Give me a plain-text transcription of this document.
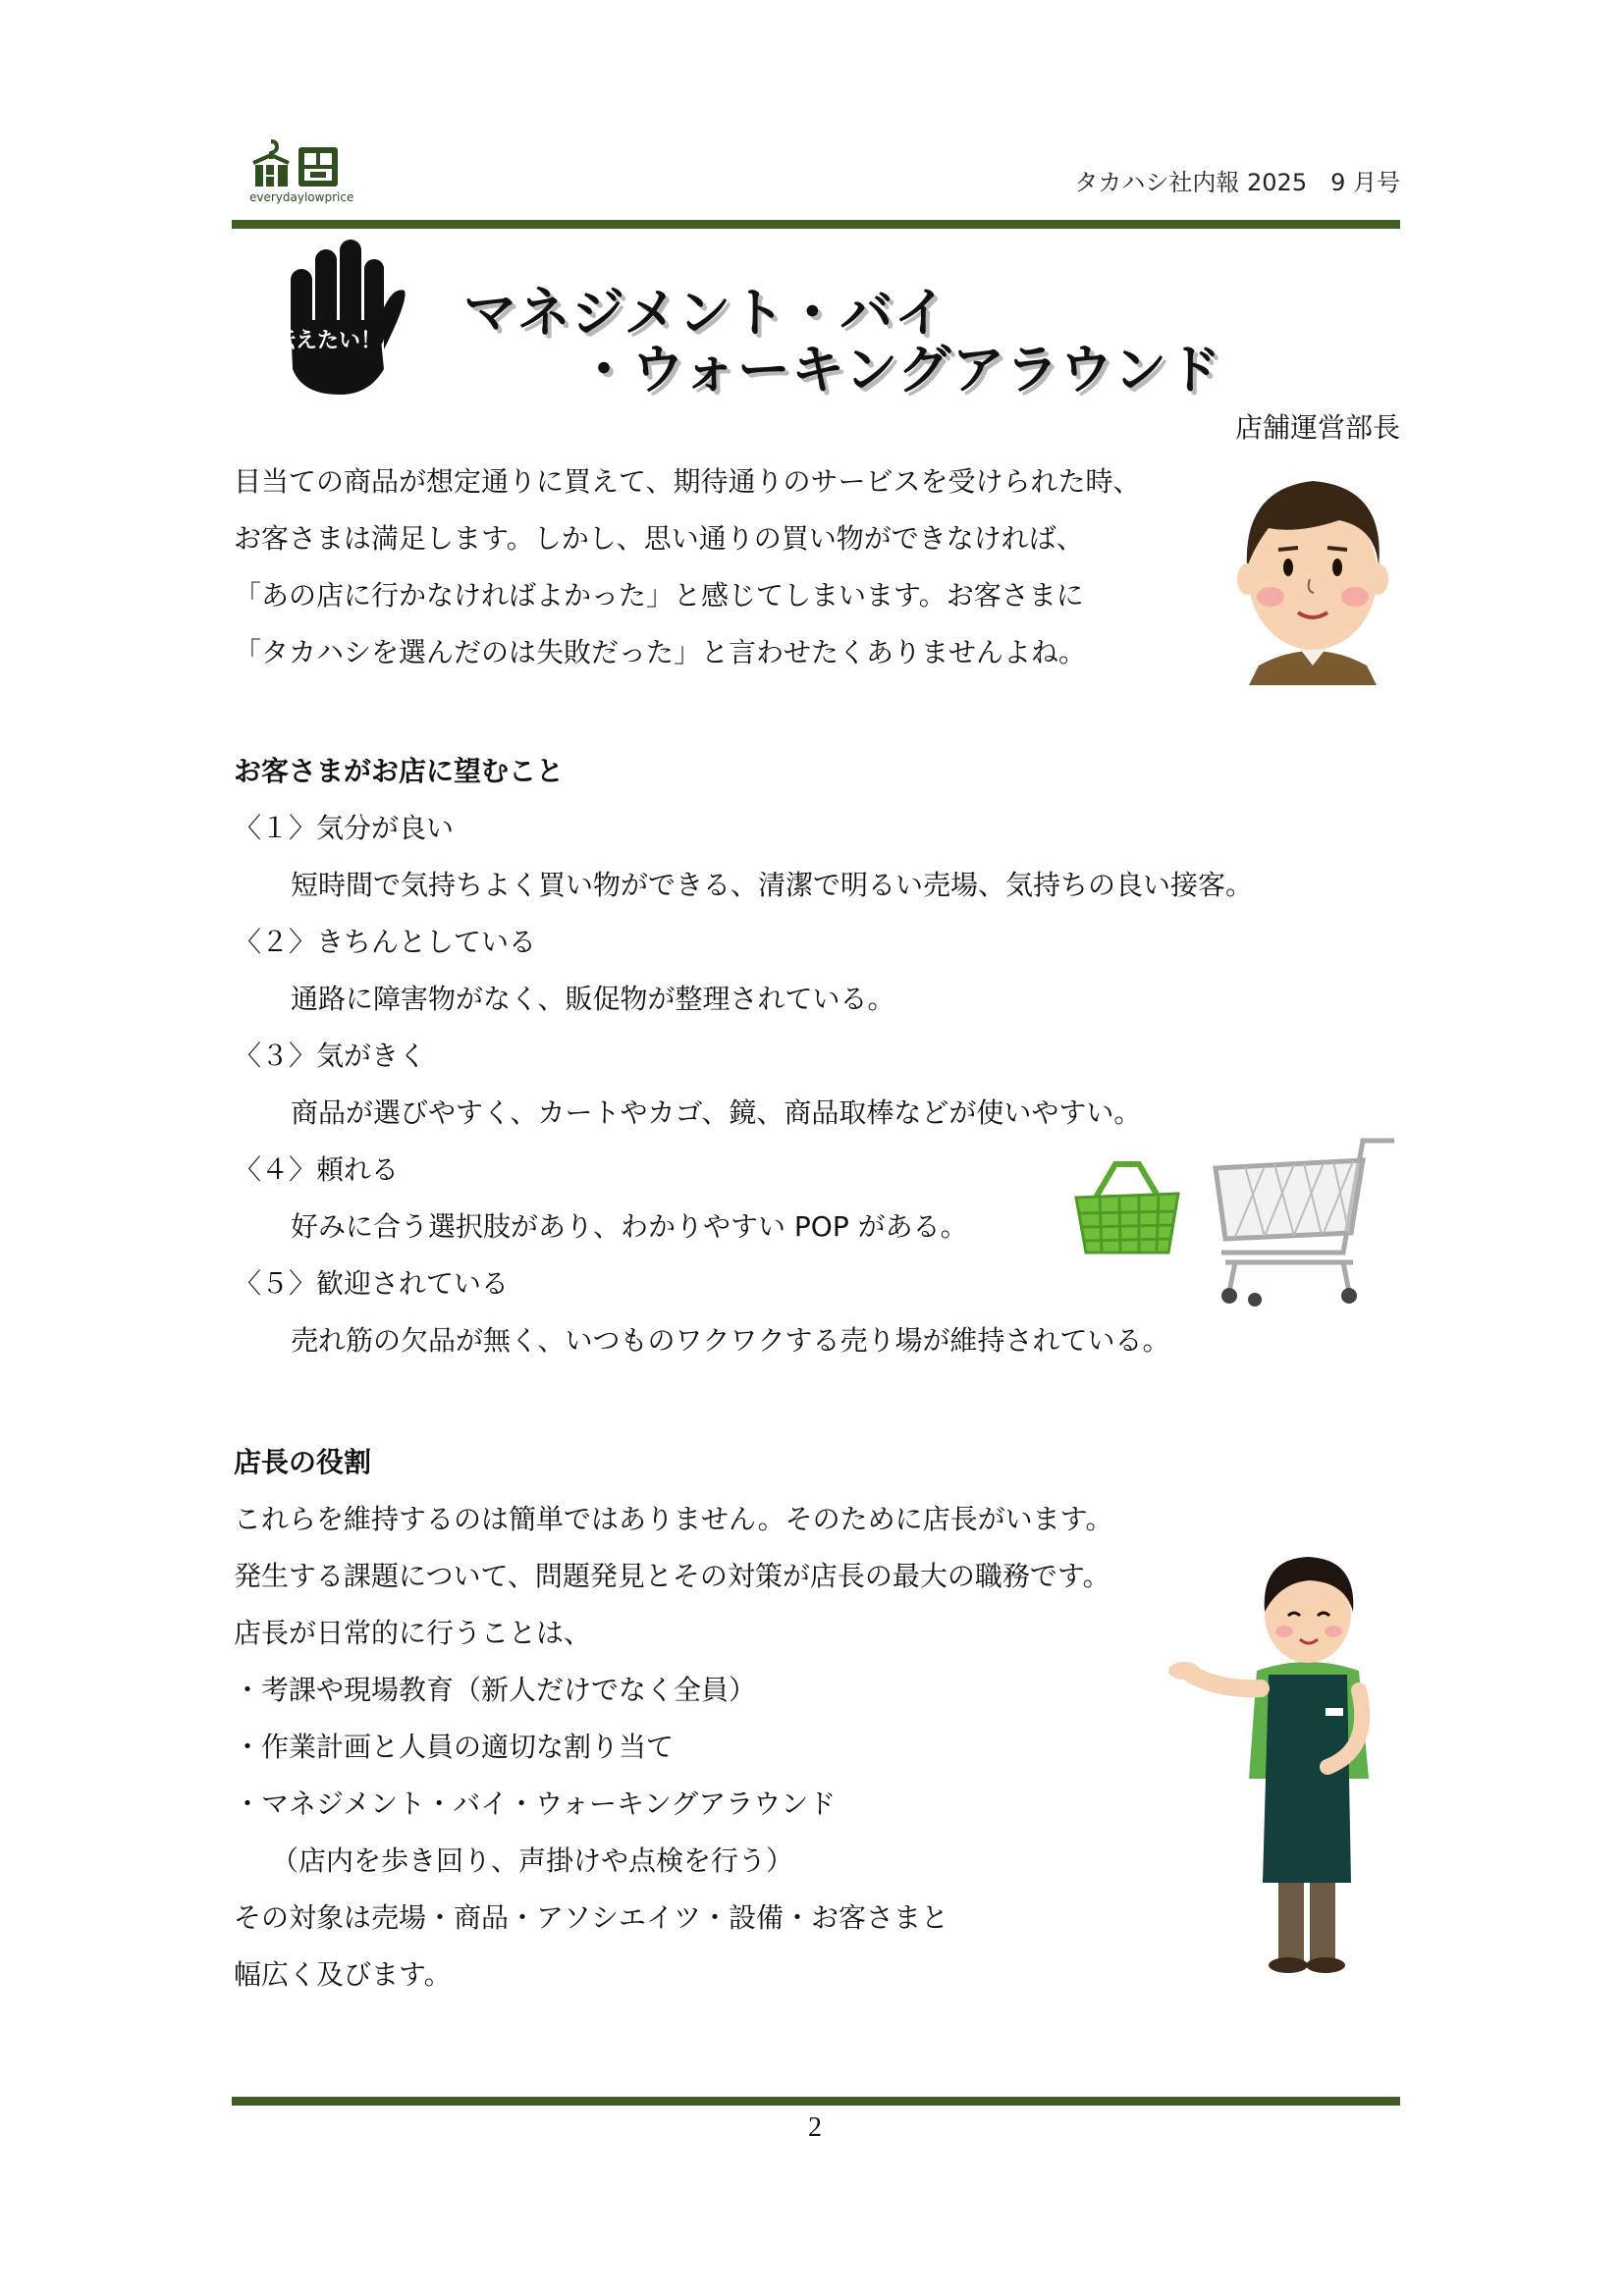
everydaylowprice
タカハシ社内報 2025　9 月号
伝えたい！ マネジメント・バイ
・ウォーキングアラウンド
店舗運営部長
目当ての商品が想定通りに買えて、期待通りのサービスを受けられた時、
お客さまは満足します。しかし、思い通りの買い物ができなければ、
「あの店に行かなければよかった」と感じてしまいます。お客さまに
「タカハシを選んだのは失敗だった」と言わせたくありませんよね。
お客さまがお店に望むこと
〈１〉気分が良い
短時間で気持ちよく買い物ができる、清潔で明るい売場、気持ちの良い接客。
〈２〉きちんとしている
通路に障害物がなく、販促物が整理されている。
〈３〉気がきく
商品が選びやすく、カートやカゴ、鏡、商品取棒などが使いやすい。
〈４〉頼れる
好みに合う選択肢があり、わかりやすい POP がある。
〈５〉歓迎されている
売れ筋の欠品が無く、いつものワクワクする売り場が維持されている。
店長の役割
これらを維持するのは簡単ではありません。そのために店長がいます。
発生する課題について、問題発見とその対策が店長の最大の職務です。
店長が日常的に行うことは、
・考課や現場教育（新人だけでなく全員）
・作業計画と人員の適切な割り当て
・マネジメント・バイ・ウォーキングアラウンド
（店内を歩き回り、声掛けや点検を行う）
その対象は売場・商品・アソシエイツ・設備・お客さまと
幅広く及びます。
2
